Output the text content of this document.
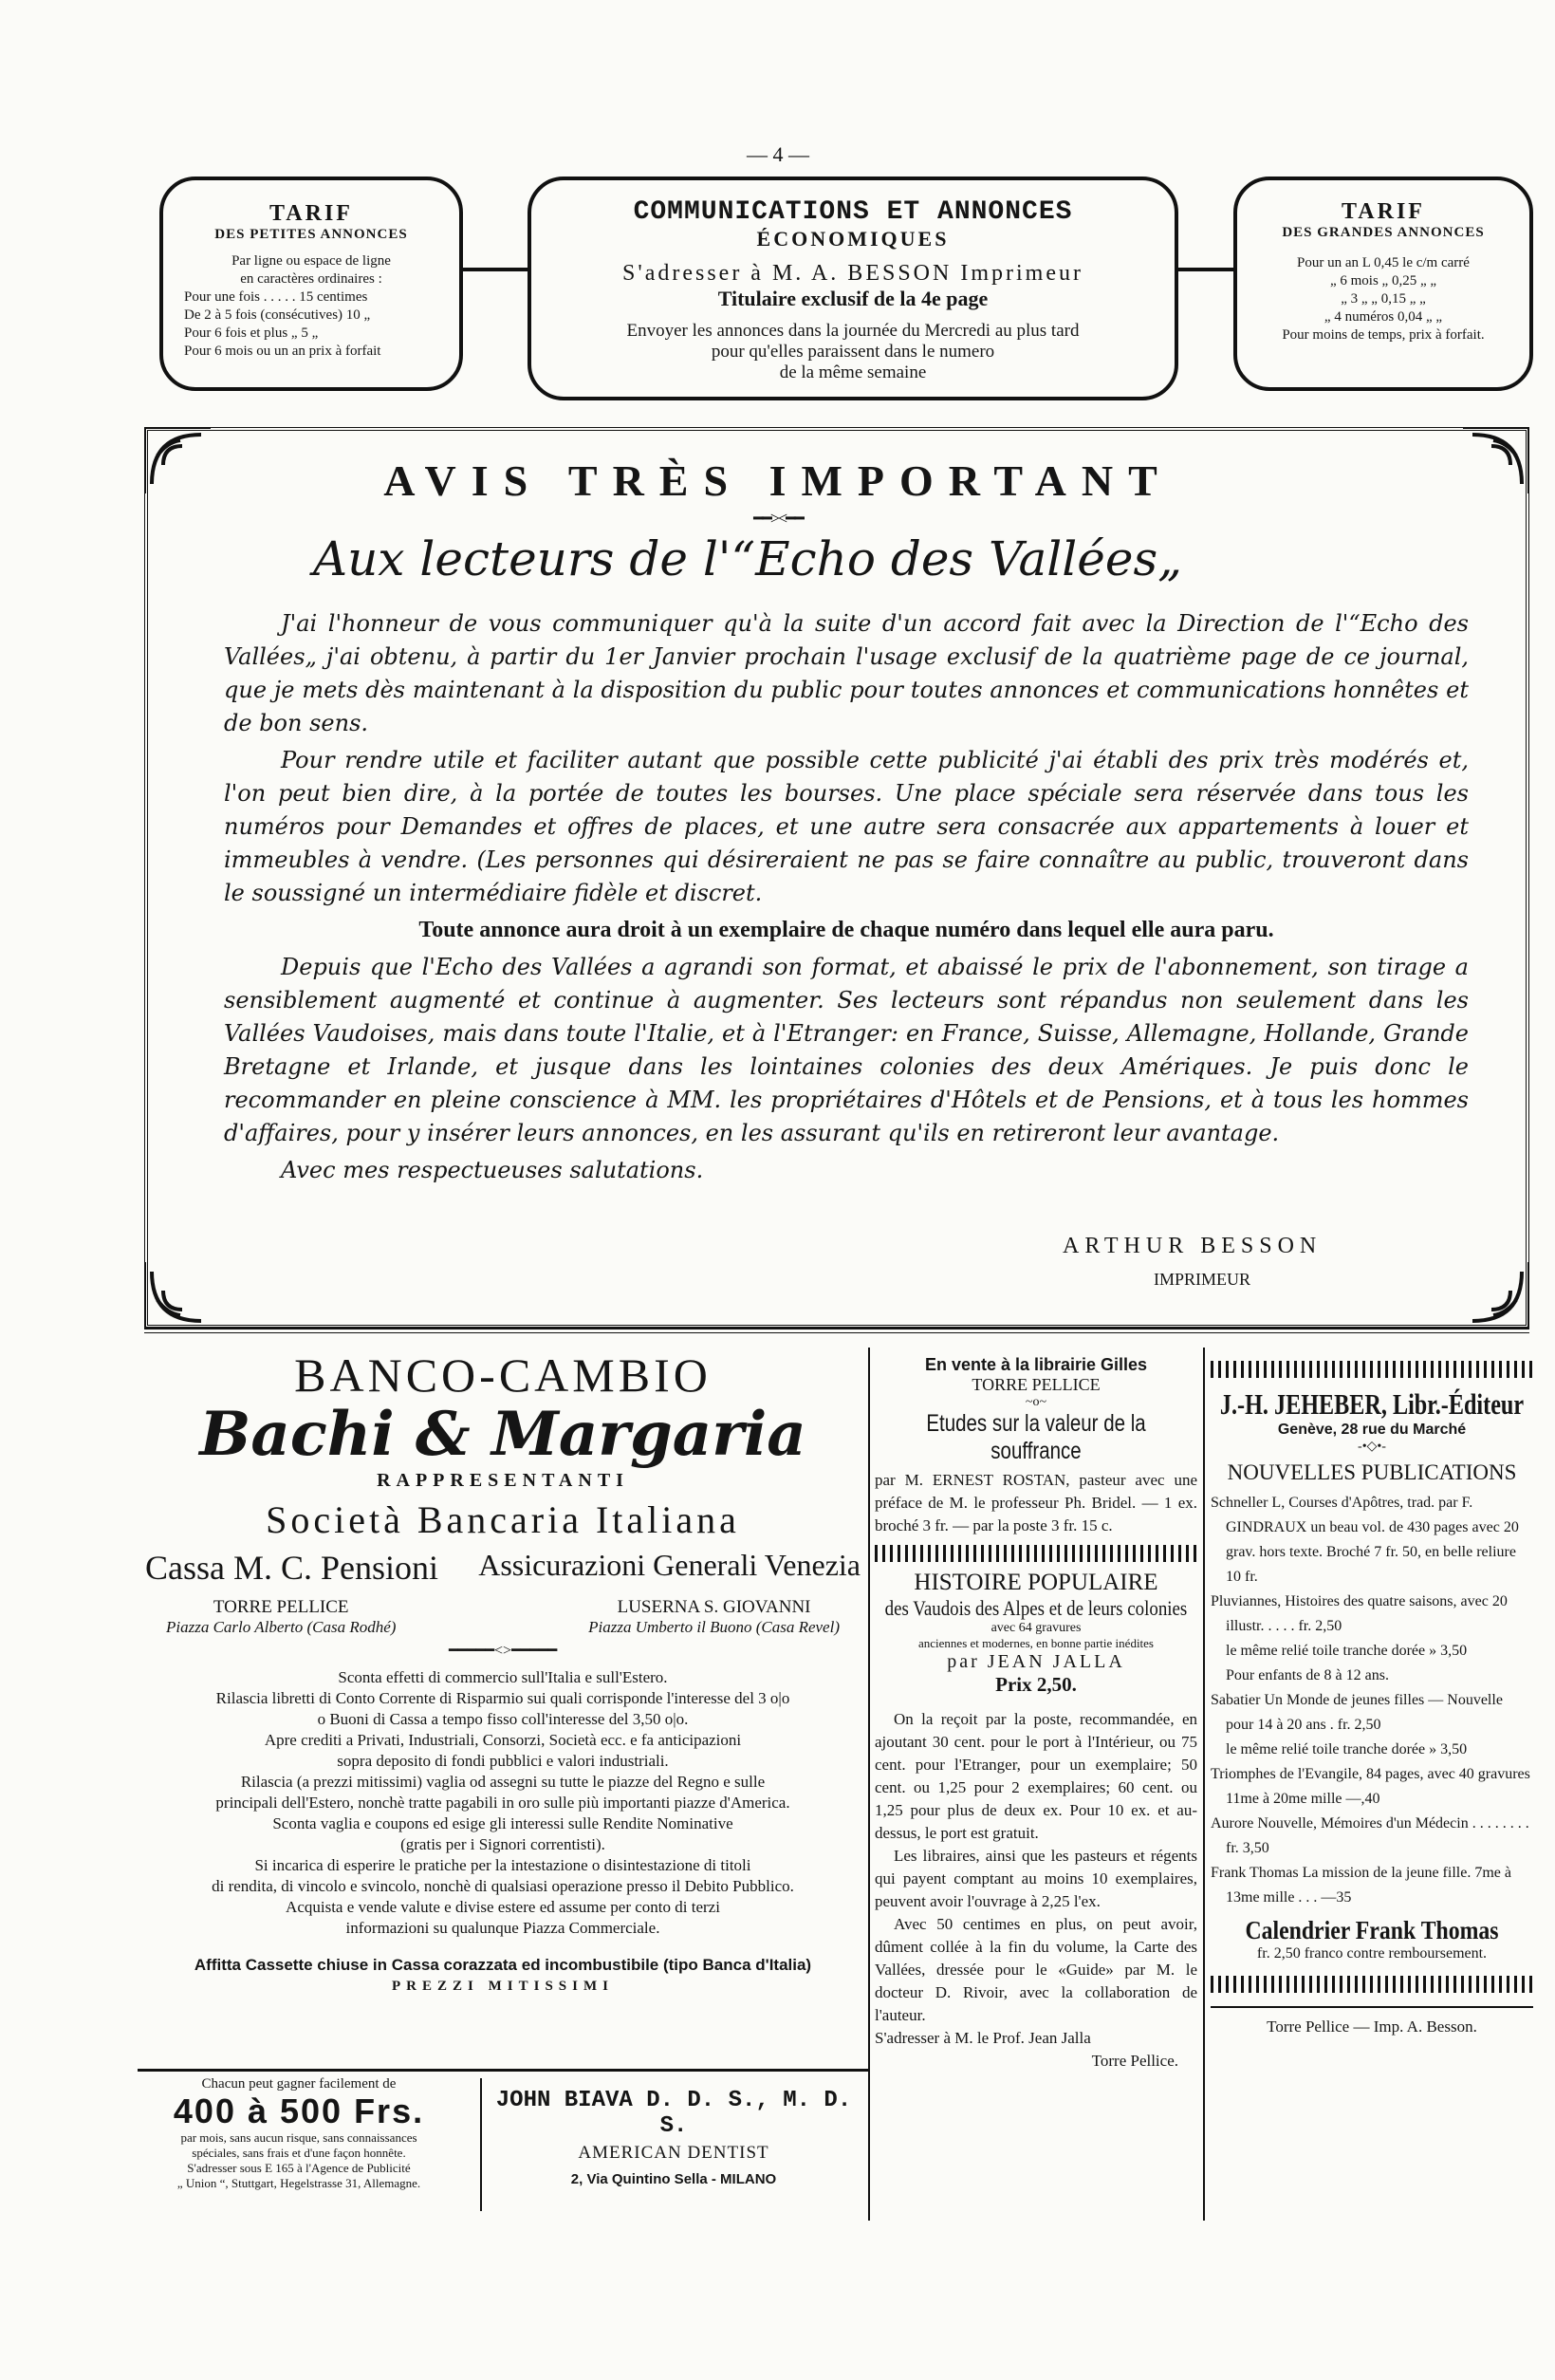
— 4 —
TARIF
DES PETITES ANNONCES
Par ligne ou espace de ligne
en caractères ordinaires :
Pour une fois . . . . . 15 centimes
De 2 à 5 fois (consécutives) 10 „
Pour 6 fois et plus „ 5 „
Pour 6 mois ou un an prix à forfait
COMMUNICATIONS ET ANNONCES
ÉCONOMIQUES
S'adresser à M. A. BESSON Imprimeur
Titulaire exclusif de la 4e page
Envoyer les annonces dans la journée du Mercredi au plus tard
pour qu'elles paraissent dans le numero
de la même semaine
TARIF
DES GRANDES ANNONCES
Pour un an L 0,45 le c/m carré
„ 6 mois „ 0,25 „ „
„ 3 „ „ 0,15 „ „
„ 4 numéros 0,04 „ „
Pour moins de temps, prix à forfait.
AVIS TRÈS IMPORTANT
━━><━━
Aux lecteurs de l'“Echo des Vallées„

J'ai l'honneur de vous communiquer qu'à la suite d'un accord fait avec la Direction de l'“Echo des Vallées„ j'ai obtenu, à partir du 1er Janvier prochain l'usage exclusif de la quatrième page de ce journal, que je mets dès maintenant à la disposition du public pour toutes annonces et communications honnêtes et de bon sens.

Pour rendre utile et faciliter autant que possible cette publicité j'ai établi des prix très modérés et, l'on peut bien dire, à la portée de toutes les bourses. Une place spéciale sera réservée dans tous les numéros pour Demandes et offres de places, et une autre sera consacrée aux appartements à louer et immeubles à vendre. (Les personnes qui désireraient ne pas se faire connaître au public, trouveront dans le soussigné un intermédiaire fidèle et discret.

Toute annonce aura droit à un exemplaire de chaque numéro dans lequel elle aura paru.

Depuis que l'Echo des Vallées a agrandi son format, et abaissé le prix de l'abonnement, son tirage a sensiblement augmenté et continue à augmenter. Ses lecteurs sont répandus non seulement dans les Vallées Vaudoises, mais dans toute l'Italie, et à l'Etranger: en France, Suisse, Allemagne, Hollande, Grande Bretagne et Irlande, et jusque dans les lointaines colonies des deux Amériques. Je puis donc le recommander en pleine conscience à MM. les propriétaires d'Hôtels et de Pensions, et à tous les hommes d'affaires, pour y insérer leurs annonces, en les assurant qu'ils en retireront leur avantage.

Avec mes respectueuses salutations.

ARTHUR BESSON
IMPRIMEUR
BANCO-CAMBIO
Bachi & Margaria
RAPPRESENTANTI
Società Bancaria Italiana
Cassa M. C. Pensioni Assicurazioni Generali Venezia
TORRE PELLICE
Piazza Carlo Alberto (Casa Rodhé)
LUSERNA S. GIOVANNI
Piazza Umberto il Buono (Casa Revel)
━━━━━<>━━━━━

Sconta effetti di commercio sull'Italia e sull'Estero.

Rilascia libretti di Conto Corrente di Risparmio sui quali corrisponde l'interesse del 3 o|o

o Buoni di Cassa a tempo fisso coll'interesse del 3,50 o|o.

Apre crediti a Privati, Industriali, Consorzi, Società ecc. e fa anticipazioni

sopra deposito di fondi pubblici e valori industriali.

Rilascia (a prezzi mitissimi) vaglia od assegni su tutte le piazze del Regno e sulle

principali dell'Estero, nonchè tratte pagabili in oro sulle più importanti piazze d'America.

Sconta vaglia e coupons ed esige gli interessi sulle Rendite Nominative

(gratis per i Signori correntisti).

Si incarica di esperire le pratiche per la intestazione o disintestazione di titoli

di rendita, di vincolo e svincolo, nonchè di qualsiasi operazione presso il Debito Pubblico.

Acquista e vende valute e divise estere ed assume per conto di terzi

informazioni su qualunque Piazza Commerciale.

Affitta Cassette chiuse in Cassa corazzata ed incombustibile (tipo Banca d'Italia)
PREZZI MITISSIMI
Chacun peut gagner facilement de
400 à 500 Frs.
par mois, sans aucun risque, sans connaissances
spéciales, sans frais et d'une façon honnête.
S'adresser sous E 165 à l'Agence de Publicité
„ Union “, Stuttgart, Hegelstrasse 31, Allemagne.
JOHN BIAVA D. D. S., M. D. S.
AMERICAN DENTIST
2, Via Quintino Sella - MILANO
En vente à la librairie Gilles
TORRE PELLICE
~o~
Etudes sur la valeur de la souffrance

par M. ERNEST ROSTAN, pasteur avec une préface de M. le professeur Ph. Bridel. — 1 ex. broché 3 fr. — par la poste 3 fr. 15 c.

HISTOIRE POPULAIRE
des Vaudois des Alpes et de leurs colonies
avec 64 gravures
anciennes et modernes, en bonne partie inédites
par JEAN JALLA
Prix 2,50.

On la reçoit par la poste, recommandée, en ajoutant 30 cent. pour le port à l'Intérieur, ou 75 cent. pour l'Etranger, pour un exemplaire; 50 cent. ou 1,25 pour 2 exemplaires; 60 cent. ou 1,25 pour plus de deux ex. Pour 10 ex. et au-dessus, le port est gratuit.

Les libraires, ainsi que les pasteurs et régents qui payent comptant au moins 10 exemplaires, peuvent avoir l'ouvrage à 2,25 l'ex.

Avec 50 centimes en plus, on peut avoir, dûment collée à la fin du volume, la Carte des Vallées, dressée pour le «Guide» par M. le docteur D. Rivoir, avec la collaboration de l'auteur.

S'adresser à M. le Prof. Jean Jalla

Torre Pellice.

J.-H. JEHEBER, Libr.-Éditeur
Genève, 28 rue du Marché
-•◇•-
NOUVELLES PUBLICATIONS

Schneller L, Courses d'Apôtres, trad. par F. GINDRAUX un beau vol. de 430 pages avec 20 grav. hors texte. Broché 7 fr. 50, en belle reliure 10 fr.

Pluviannes, Histoires des quatre saisons, avec 20 illustr. . . . . fr. 2,50

le même relié toile tranche dorée » 3,50

Pour enfants de 8 à 12 ans.

Sabatier Un Monde de jeunes filles — Nouvelle pour 14 à 20 ans . fr. 2,50

le même relié toile tranche dorée » 3,50

Triomphes de l'Evangile, 84 pages, avec 40 gravures 11me à 20me mille —,40

Aurore Nouvelle, Mémoires d'un Médecin . . . . . . . . fr. 3,50

Frank Thomas La mission de la jeune fille. 7me à 13me mille . . . —35

Calendrier Frank Thomas
fr. 2,50 franco contre remboursement.
Torre Pellice — Imp. A. Besson.
